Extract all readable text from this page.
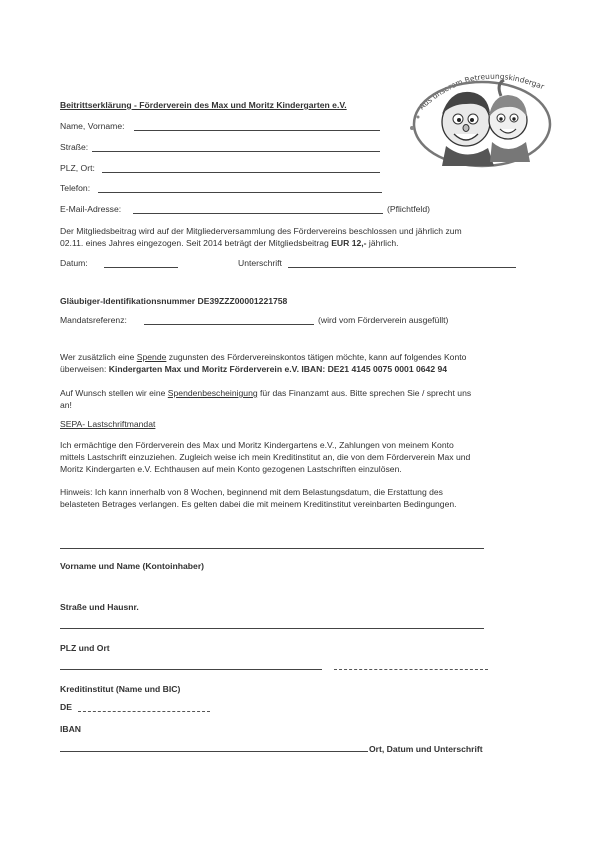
Beitrittserklärung - Förderverein des Max und Moritz Kindergarten e.V.	Aus unserem Betreuungskindergar
Name, Vorname:
Straße:
PLZ, Ort:
Telefon:
E-Mail-Adresse:	(Pflichtfeld)
Der Mitgliedsbeitrag wird auf der Mitgliederversammlung des Fördervereins beschlossen und jährlich zum
02.11. eines Jahres eingezogen. Seit 2014 beträgt der Mitgliedsbeitrag EUR 12,- jährlich.
Datum:	Unterschrift
Gläubiger-Identifikationsnummer DE39ZZZ00001221758
Mandatsreferenz:	(wird vom Förderverein ausgefüllt)
Wer zusätzlich eine Spende zugunsten des Fördervereinskontos tätigen möchte, kann auf folgendes Konto
überweisen: Kindergarten Max und Moritz Förderverein e.V. IBAN: DE21 4145 0075 0001 0642 94
Auf Wunsch stellen wir eine Spendenbescheinigung für das Finanzamt aus. Bitte sprechen Sie / sprecht uns
an!
SEPA- Lastschriftmandat
Ich ermächtige den Förderverein des Max und Moritz Kindergartens e.V., Zahlungen von meinem Konto
mittels Lastschrift einzuziehen. Zugleich weise ich mein Kreditinstitut an, die von dem Förderverein Max und
Moritz Kindergarten e.V. Echthausen auf mein Konto gezogenen Lastschriften einzulösen.
Hinweis: Ich kann innerhalb von 8 Wochen, beginnend mit dem Belastungsdatum, die Erstattung des
belasteten Betrages verlangen. Es gelten dabei die mit meinem Kreditinstitut vereinbarten Bedingungen.
Vorname und Name (Kontoinhaber)
Straße und Hausnr.
PLZ und Ort
Kreditinstitut (Name und BIC)
DE
IBAN
Ort, Datum und Unterschrift
